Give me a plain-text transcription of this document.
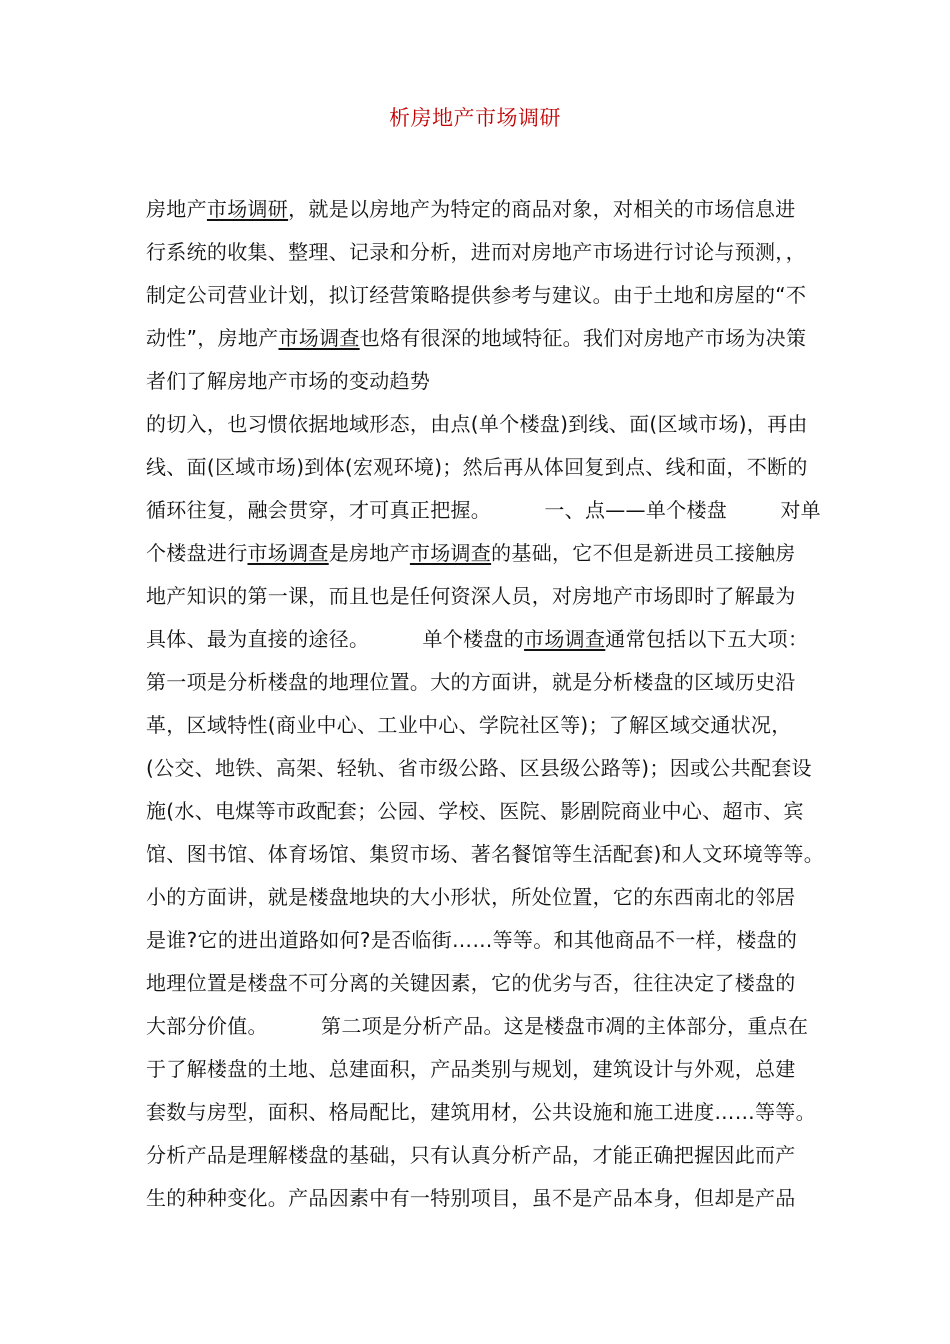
析房地产市场调研
房地产市场调研，就是以房地产为特定的商品对象，对相关的市场信息进
行系统的收集、整理、记录和分析，进而对房地产市场进行讨论与预测，，
制定公司营业计划，拟订经营策略提供参考与建议。由于土地和房屋的“不
动性”，房地产市场调查也烙有很深的地域特征。我们对房地产市场为决策
者们了解房地产市场的变动趋势
的切入，也习惯依据地域形态，由点(单个楼盘)到线、面(区域市场)，再由
线、面(区域市场)到体(宏观环境)；然后再从体回复到点、线和面，不断的
循环往复，融会贯穿，才可真正把握。        一、点——单个楼盘        对单
个楼盘进行市场调查是房地产市场调查的基础，它不但是新进员工接触房
地产知识的第一课，而且也是任何资深人员，对房地产市场即时了解最为
具体、最为直接的途径。        单个楼盘的市场调查通常包括以下五大项：
第一项是分析楼盘的地理位置。大的方面讲，就是分析楼盘的区域历史沿
革，区域特性(商业中心、工业中心、学院社区等)；了解区域交通状况，
(公交、地铁、高架、轻轨、省市级公路、区县级公路等)；因或公共配套设
施(水、电煤等市政配套；公园、学校、医院、影剧院商业中心、超市、宾
馆、图书馆、体育场馆、集贸市场、著名餐馆等生活配套)和人文环境等等。
小的方面讲，就是楼盘地块的大小形状，所处位置，它的东西南北的邻居
是谁?它的进出道路如何?是否临街……等等。和其他商品不一样，楼盘的
地理位置是楼盘不可分离的关键因素，它的优劣与否，往往决定了楼盘的
大部分价值。        第二项是分析产品。这是楼盘市凋的主体部分，重点在
于了解楼盘的土地、总建面积，产品类别与规划，建筑设计与外观，总建
套数与房型，面积、格局配比，建筑用材，公共设施和施工进度……等等。
分析产品是理解楼盘的基础，只有认真分析产品，才能正确把握因此而产
生的种种变化。产品因素中有一特别项目，虽不是产品本身，但却是产品
